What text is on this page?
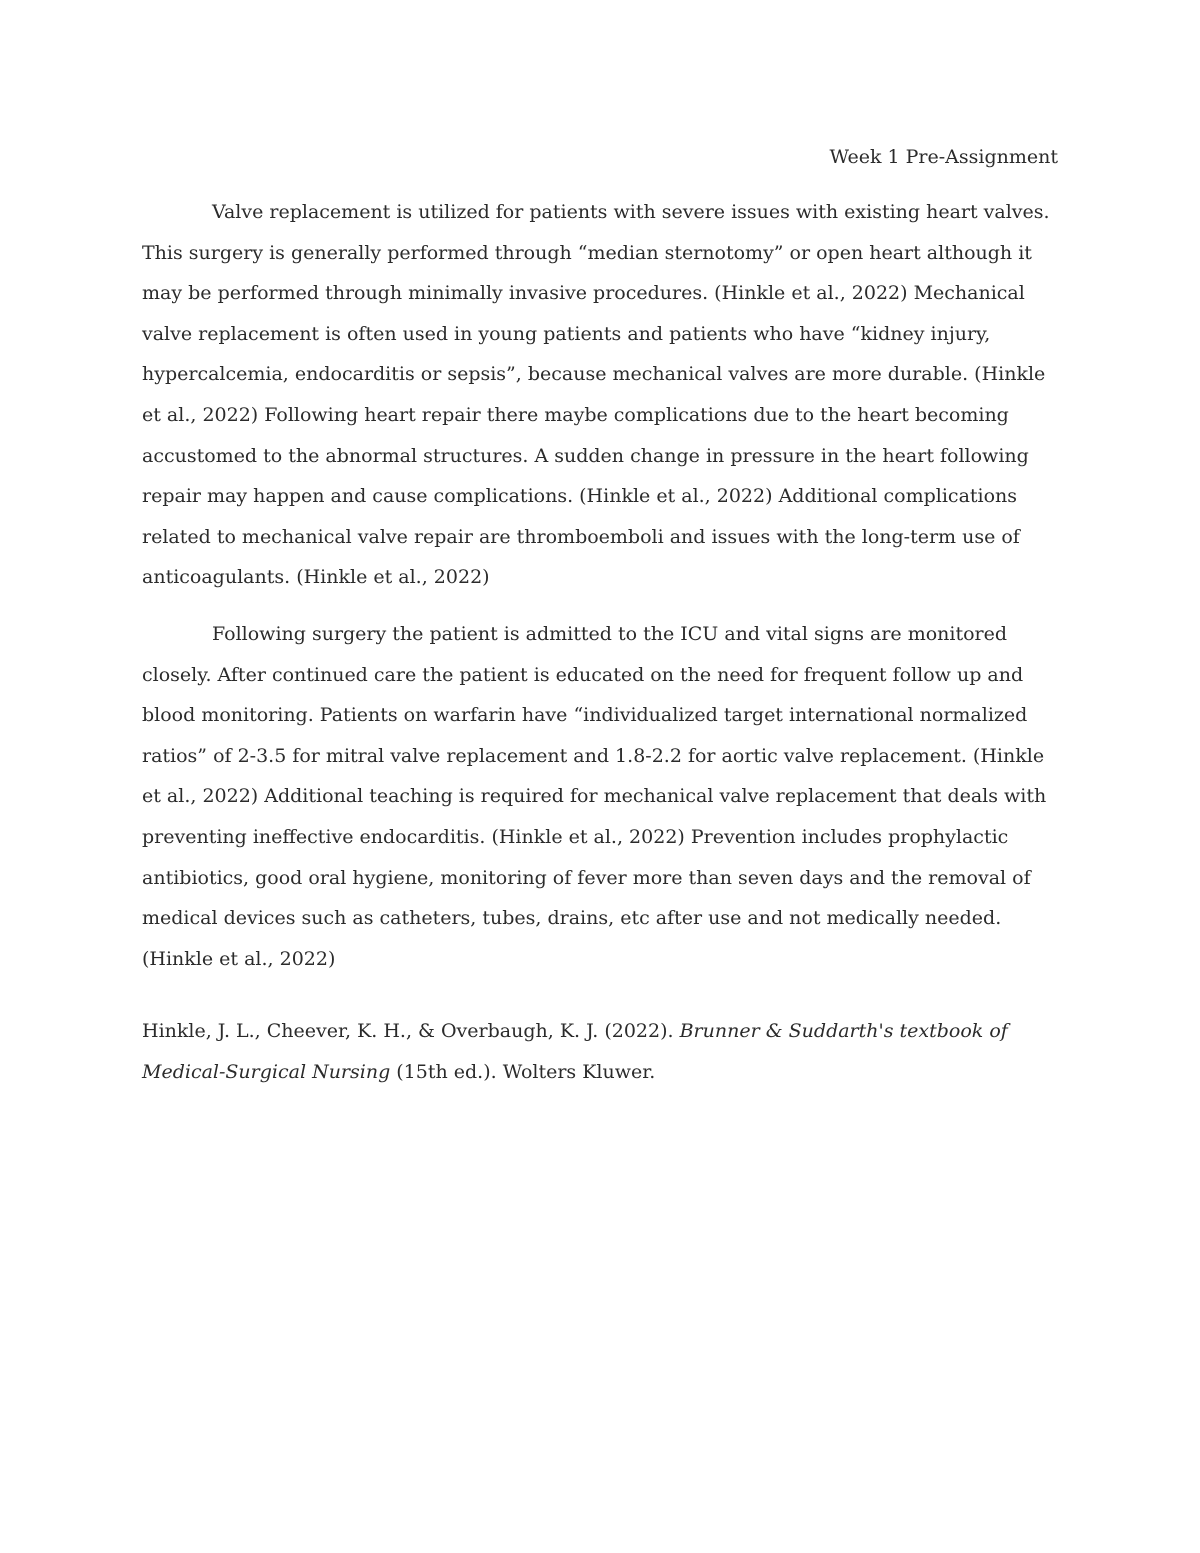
Week 1 Pre-Assignment

Valve replacement is utilized for patients with severe issues with existing heart valves. This surgery is generally performed through “median sternotomy” or open heart although it may be performed through minimally invasive procedures. (Hinkle et al., 2022) Mechanical valve replacement is often used in young patients and patients who have “kidney injury, hypercalcemia, endocarditis or sepsis”, because mechanical valves are more durable. (Hinkle et al., 2022) Following heart repair there maybe complications due to the heart becoming accustomed to the abnormal structures. A sudden change in pressure in the heart following repair may happen and cause complications. (Hinkle et al., 2022) Additional complications related to mechanical valve repair are thromboemboli and issues with the long-term use of anticoagulants. (Hinkle et al., 2022)

Following surgery the patient is admitted to the ICU and vital signs are monitored closely. After continued care the patient is educated on the need for frequent follow up and blood monitoring. Patients on warfarin have “individualized target international normalized ratios” of 2-3.5 for mitral valve replacement and 1.8-2.2 for aortic valve replacement. (Hinkle et al., 2022) Additional teaching is required for mechanical valve replacement that deals with preventing ineffective endocarditis. (Hinkle et al., 2022) Prevention includes prophylactic antibiotics, good oral hygiene, monitoring of fever more than seven days and the removal of medical devices such as catheters, tubes, drains, etc after use and not medically needed. (Hinkle et al., 2022)

Hinkle, J. L., Cheever, K. H., & Overbaugh, K. J. (2022). Brunner & Suddarth's textbook of
Medical-Surgical Nursing (15th ed.). Wolters Kluwer.
